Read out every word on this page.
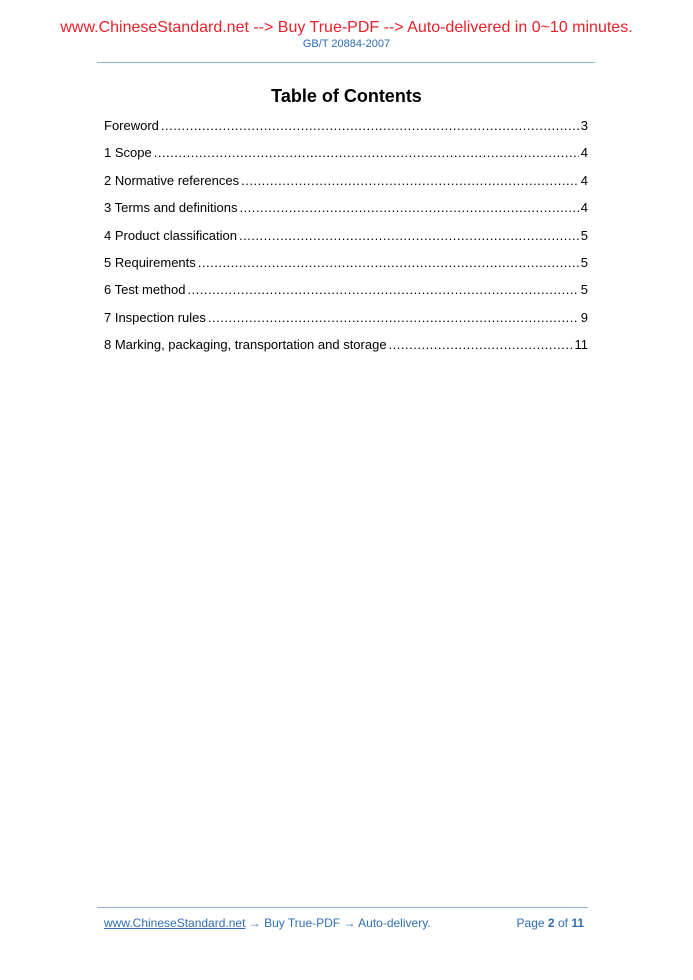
www.ChineseStandard.net --> Buy True-PDF --> Auto-delivered in 0~10 minutes.
GB/T 20884-2007
Table of Contents
Foreword .....	3
1 Scope .....	4
2 Normative references .....	4
3 Terms and definitions .....	4
4 Product classification .....	5
5 Requirements .....	5
6 Test method .....	5
7 Inspection rules .....	9
8 Marking, packaging, transportation and storage .....	11
www.ChineseStandard.net → Buy True-PDF → Auto-delivery.	Page 2 of 11
